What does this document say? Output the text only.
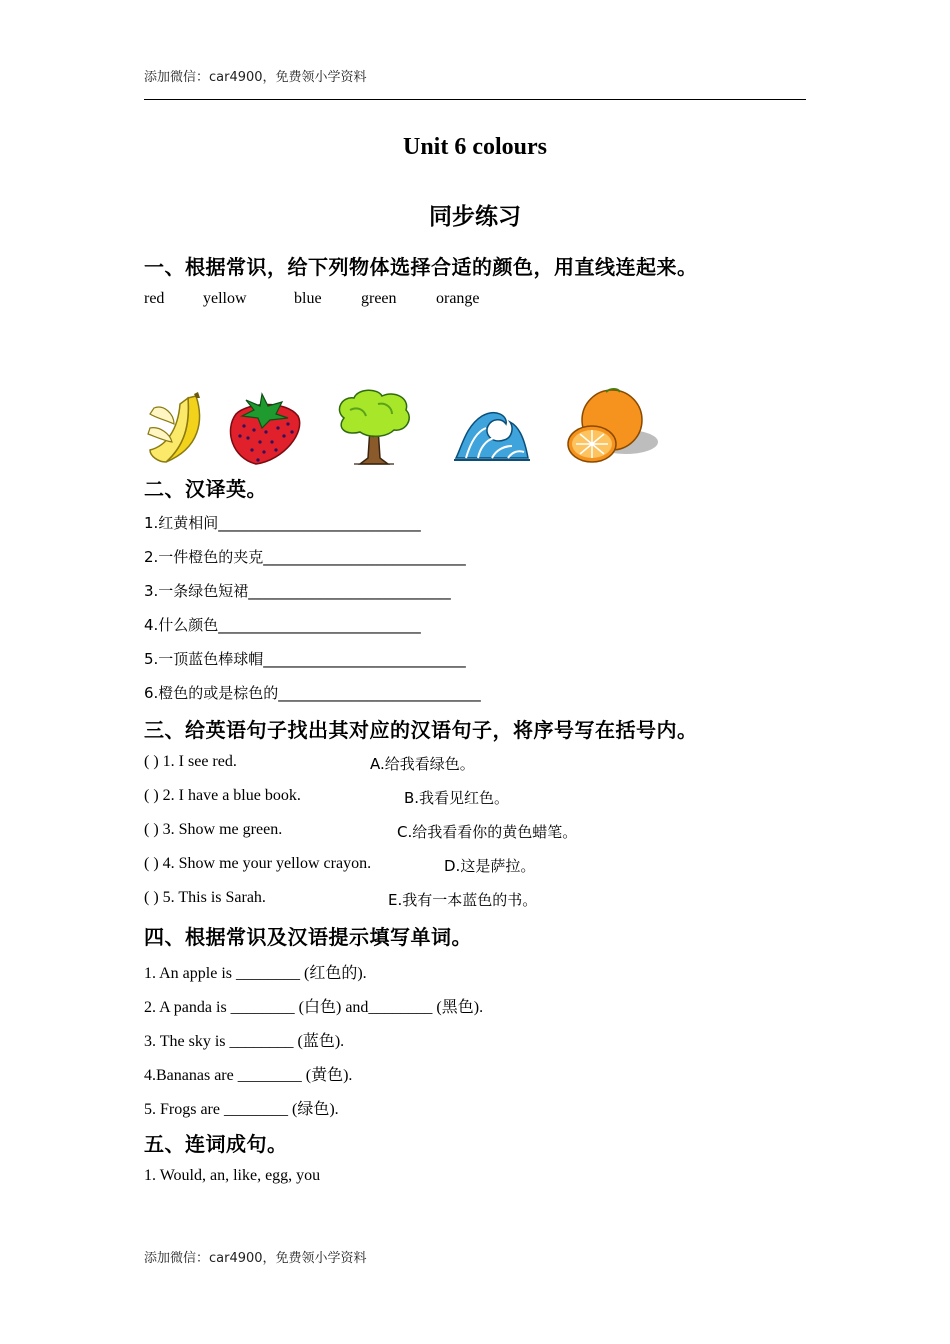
添加微信：car4900，免费领小学资料
Unit 6 colours
同步练习
一、根据常识，给下列物体选择合适的颜色，用直线连起来。
red yellow	blue green orange
二、汉译英。
1.红黄相间___________________________
2.一件橙色的夹克___________________________
3.一条绿色短裙___________________________
4.什么颜色___________________________
5.一顶蓝色棒球帽___________________________
6.橙色的或是棕色的___________________________
三、给英语句子找出其对应的汉语句子，将序号写在括号内。
( ) 1. I see red.	A.给我看绿色。
( ) 2. I have a blue book.	B.我看见红色。
( ) 3. Show me green.	C.给我看看你的黄色蜡笔。
( ) 4. Show me your yellow crayon.	D.这是萨拉。
( ) 5. This is Sarah.	E.我有一本蓝色的书。
四、根据常识及汉语提示填写单词。
1. An apple is ________ (红色的).
2. A panda is ________ (白色) and________ (黑色).
3. The sky is ________ (蓝色).
4.Bananas are ________ (黄色).
5. Frogs are ________ (绿色).
五、连词成句。
1. Would, an, like, egg, you
添加微信：car4900，免费领小学资料
